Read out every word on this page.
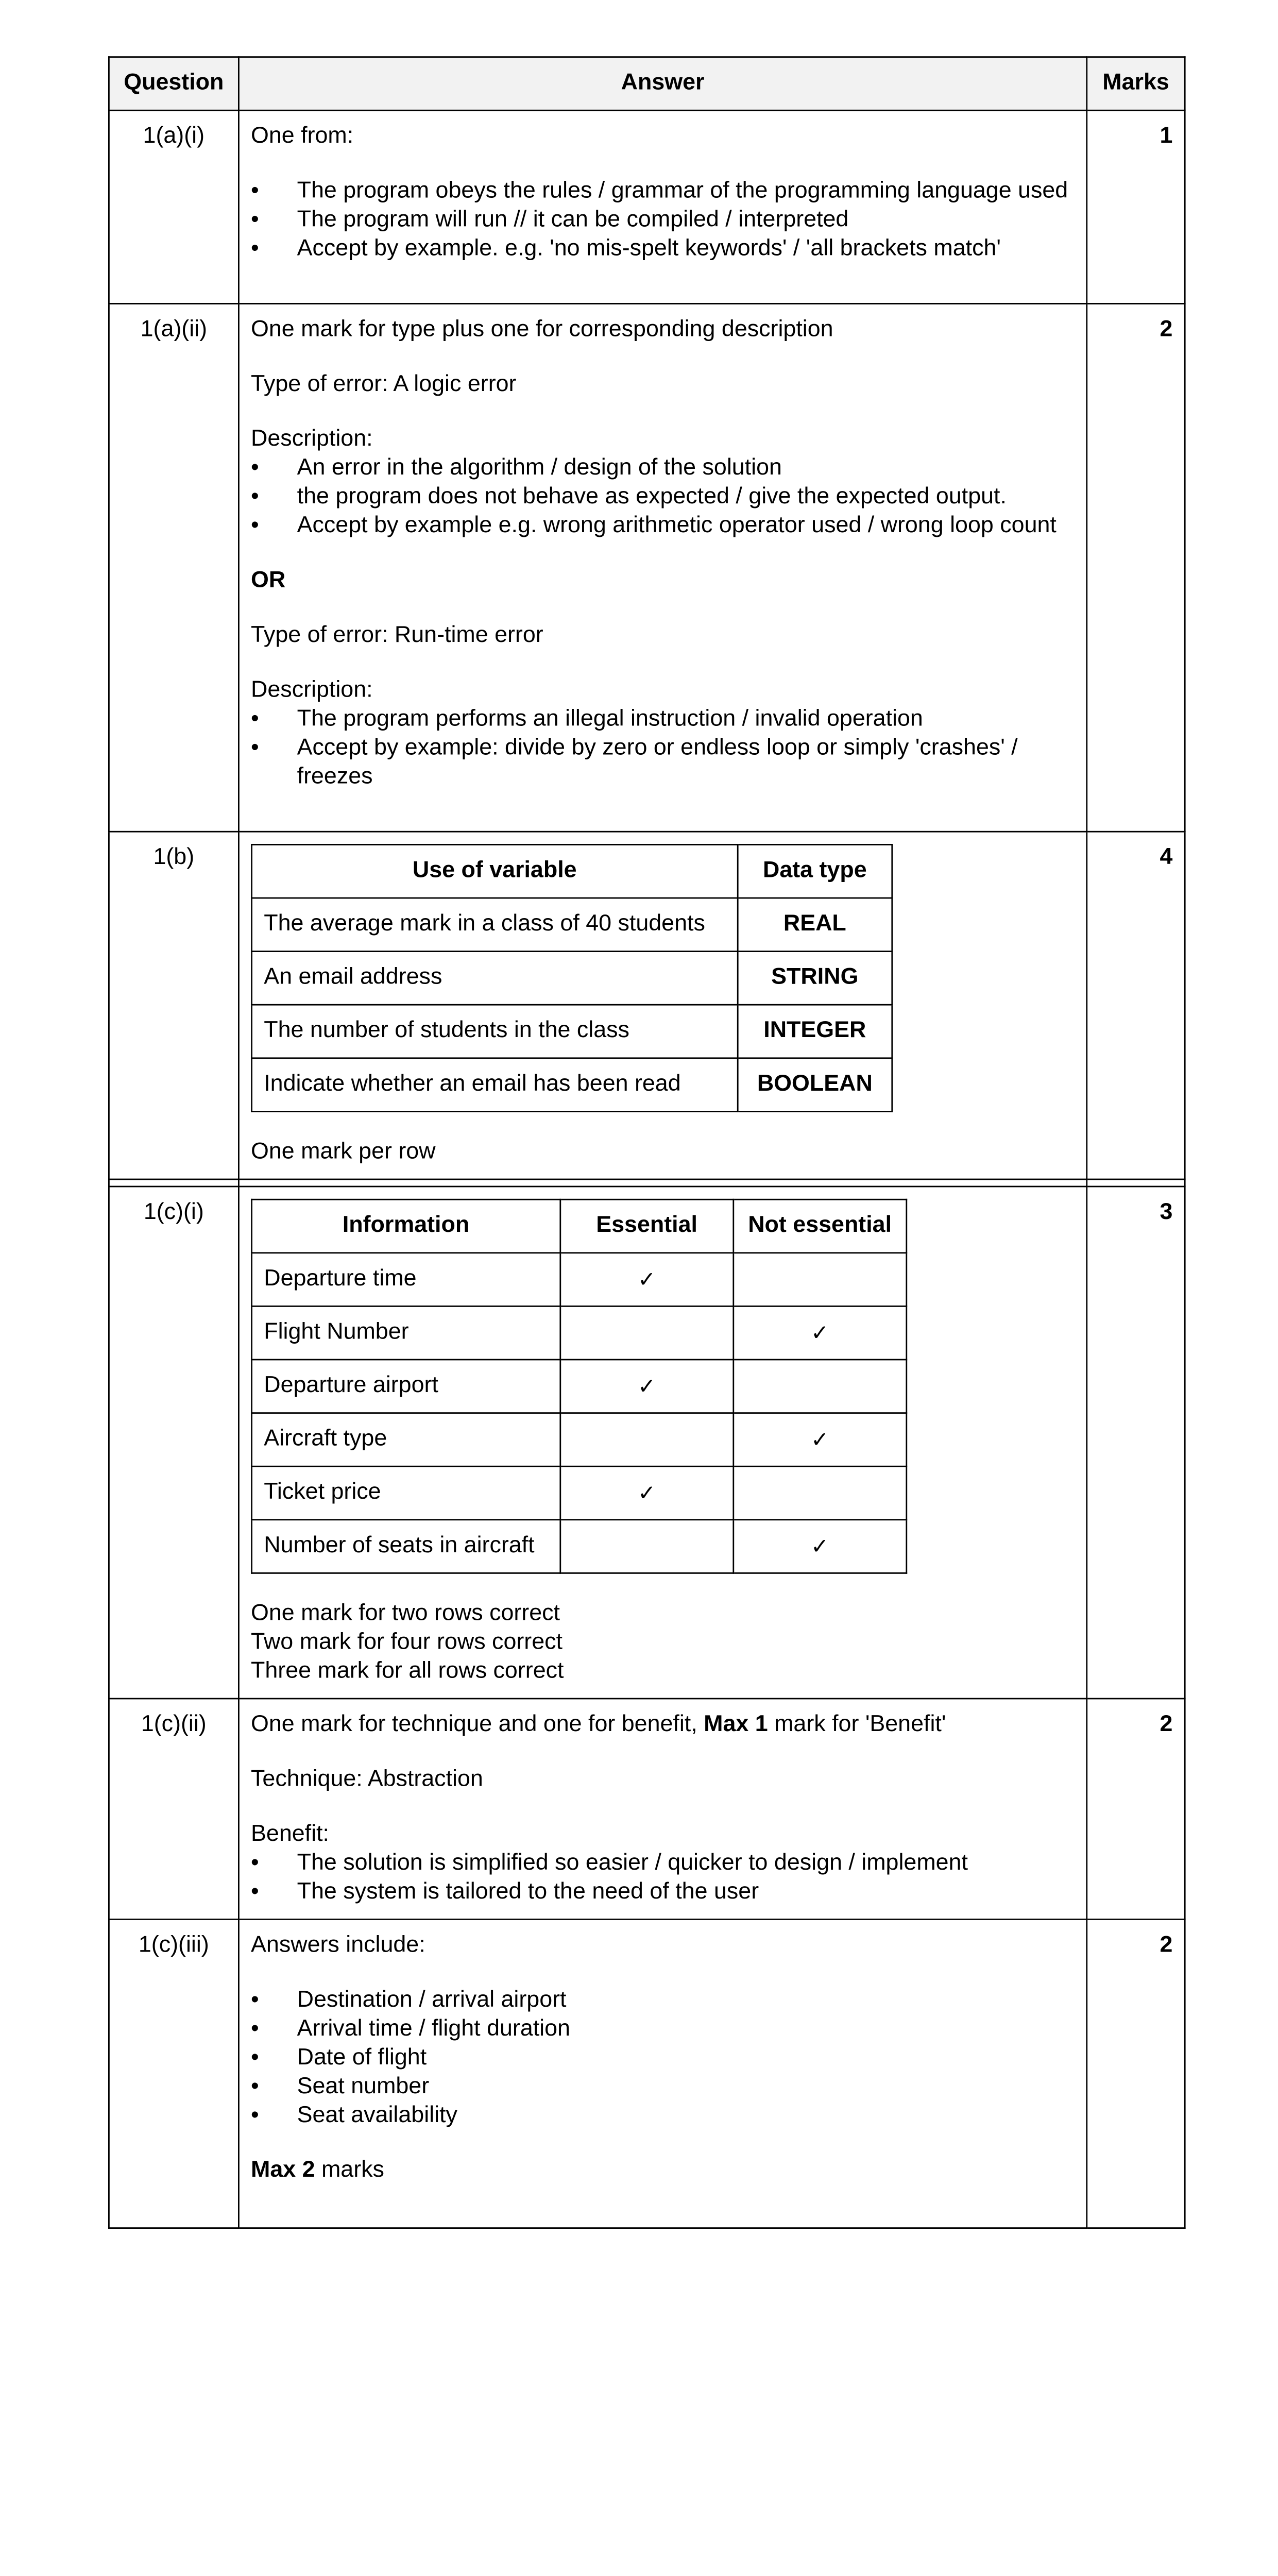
Question	Answer	Marks
1(a)(i)	One from:

• The program obeys the rules / grammar of the programming language used
• The program will run // it can be compiled / interpreted
• Accept by example. e.g. 'no mis-spelt keywords' / 'all brackets match'
	1
1(a)(ii)	One mark for type plus one for corresponding description

Type of error: A logic error

Description:

• An error in the algorithm / design of the solution
• the program does not behave as expected / give the expected output.
• Accept by example e.g. wrong arithmetic operator used / wrong loop count

OR

Type of error: Run-time error

Description:

• The program performs an illegal instruction / invalid operation
• Accept by example: divide by zero or endless loop or simply 'crashes' / freezes
	2
1(b)	
Use of variable	Data type
The average mark in a class of 40 students	REAL
An email address	STRING
The number of students in the class	INTEGER
Indicate whether an email has been read	BOOLEAN

One mark per row

	4

1(c)(i)	
Information	Essential	Not essential
Departure time	✓	
Flight Number		✓
Departure airport	✓	
Aircraft type		✓
Ticket price	✓	
Number of seats in aircraft		✓

One mark for two rows correct

Two mark for four rows correct

Three mark for all rows correct

	3
1(c)(ii)	One mark for technique and one for benefit, Max 1 mark for 'Benefit'

Technique: Abstraction

Benefit:

• The solution is simplified so easier / quicker to design / implement
• The system is tailored to the need of the user
	2
1(c)(iii)	Answers include:

• Destination / arrival airport
• Arrival time / flight duration
• Date of flight
• Seat number
• Seat availability

Max 2 marks

	2
